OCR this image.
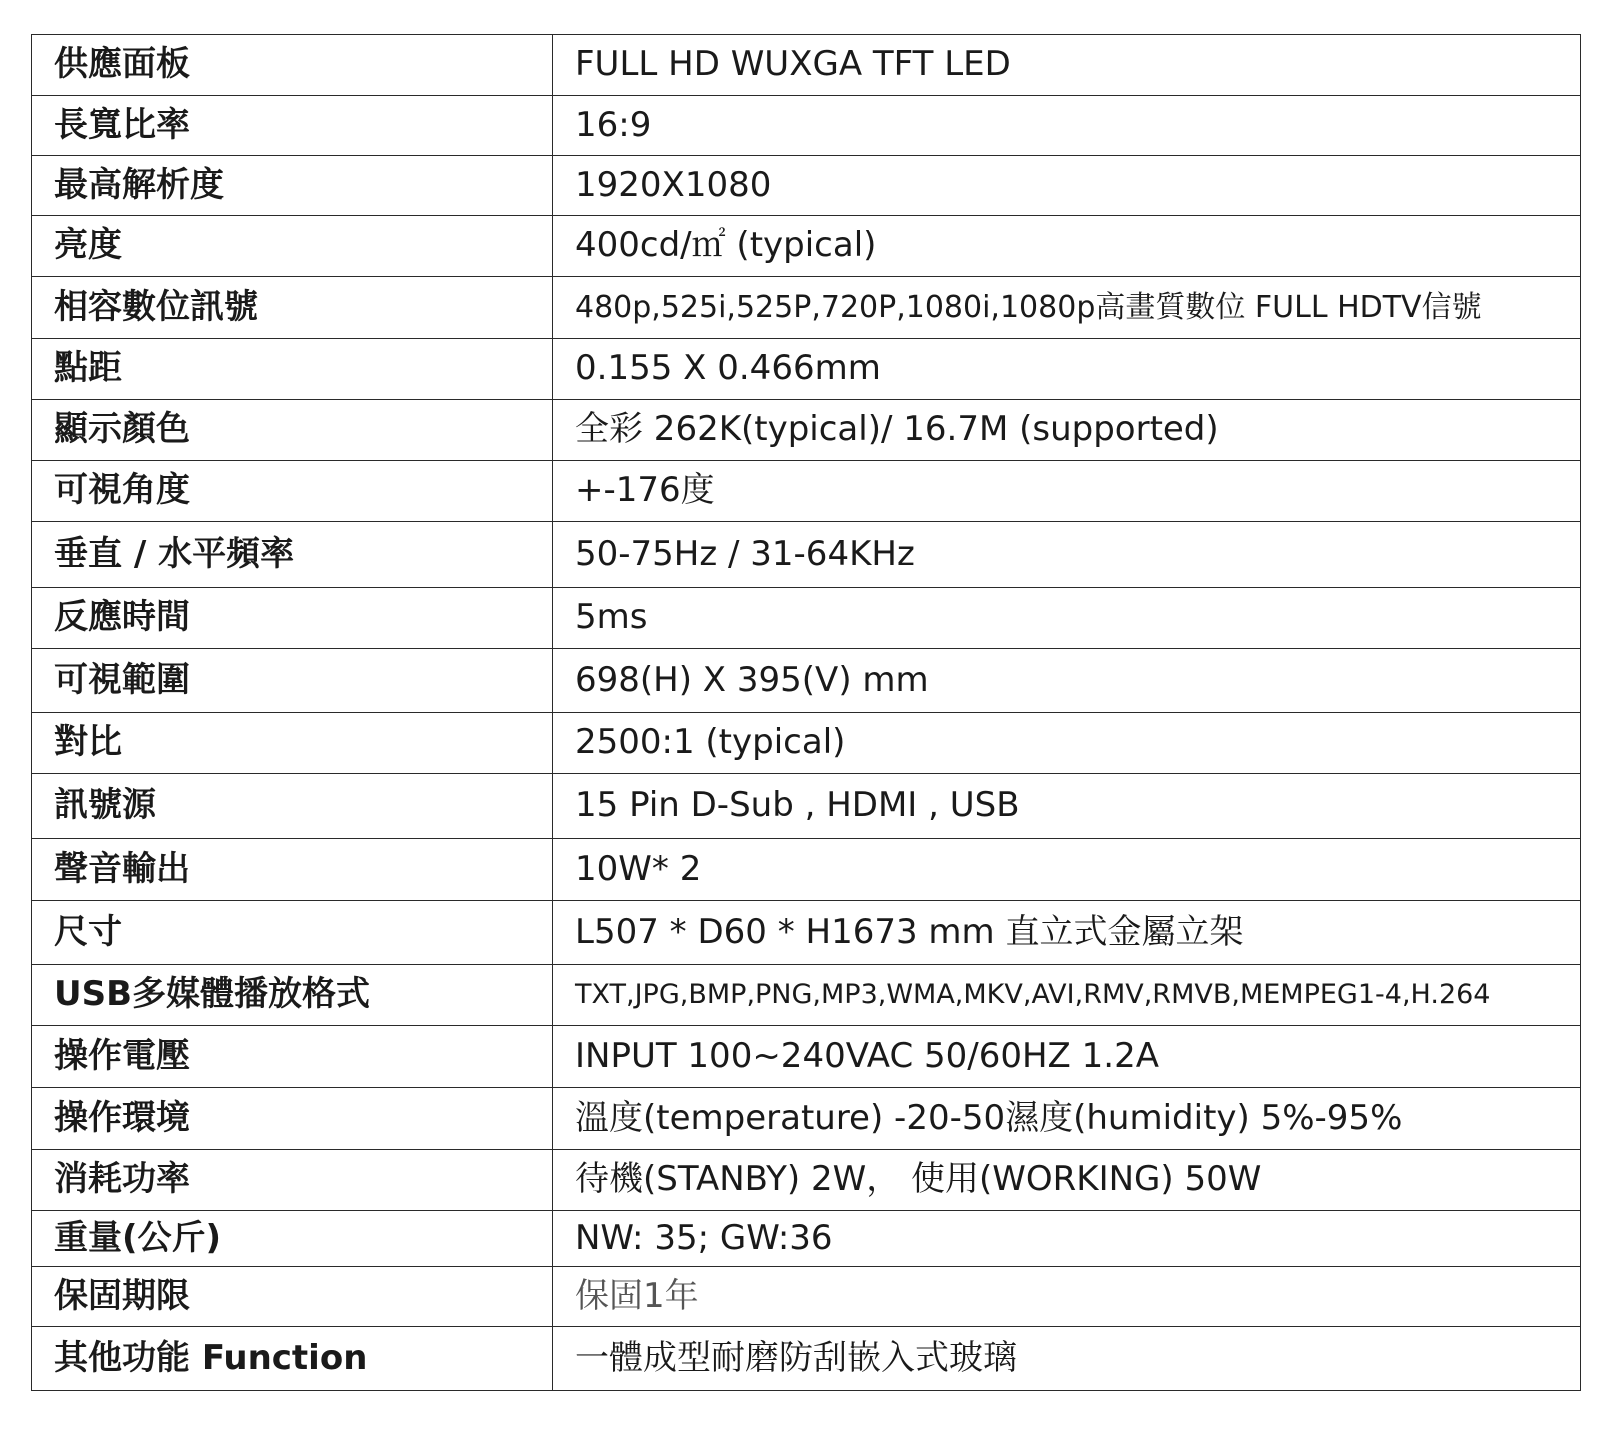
供應面板	FULL HD WUXGA TFT LED
長寬比率	16:9
最高解析度	1920X1080
亮度	400cd/㎡ (typical)
相容數位訊號	480p,525i,525P,720P,1080i,1080p高畫質數位 FULL HDTV信號
點距	0.155 X 0.466mm
顯示顏色	全彩 262K(typical)/ 16.7M (supported)
可視角度	+-176度
垂直 / 水平頻率	50-75Hz / 31-64KHz
反應時間	5ms
可視範圍	698(H) X 395(V) mm
對比	2500:1 (typical)
訊號源	15 Pin D-Sub , HDMI , USB
聲音輸出	10W* 2
尺寸	L507 * D60 * H1673 mm 直立式金屬立架
USB多媒體播放格式	TXT,JPG,BMP,PNG,MP3,WMA,MKV,AVI,RMV,RMVB,MEMPEG1-4,H.264
操作電壓	INPUT 100~240VAC 50/60HZ 1.2A
操作環境	溫度(temperature) -20-50濕度(humidity) 5%-95%
消耗功率	待機(STANBY) 2W， 使用(WORKING) 50W
重量(公斤)	NW: 35; GW:36
保固期限	保固1年
其他功能 Function	一體成型耐磨防刮嵌入式玻璃
